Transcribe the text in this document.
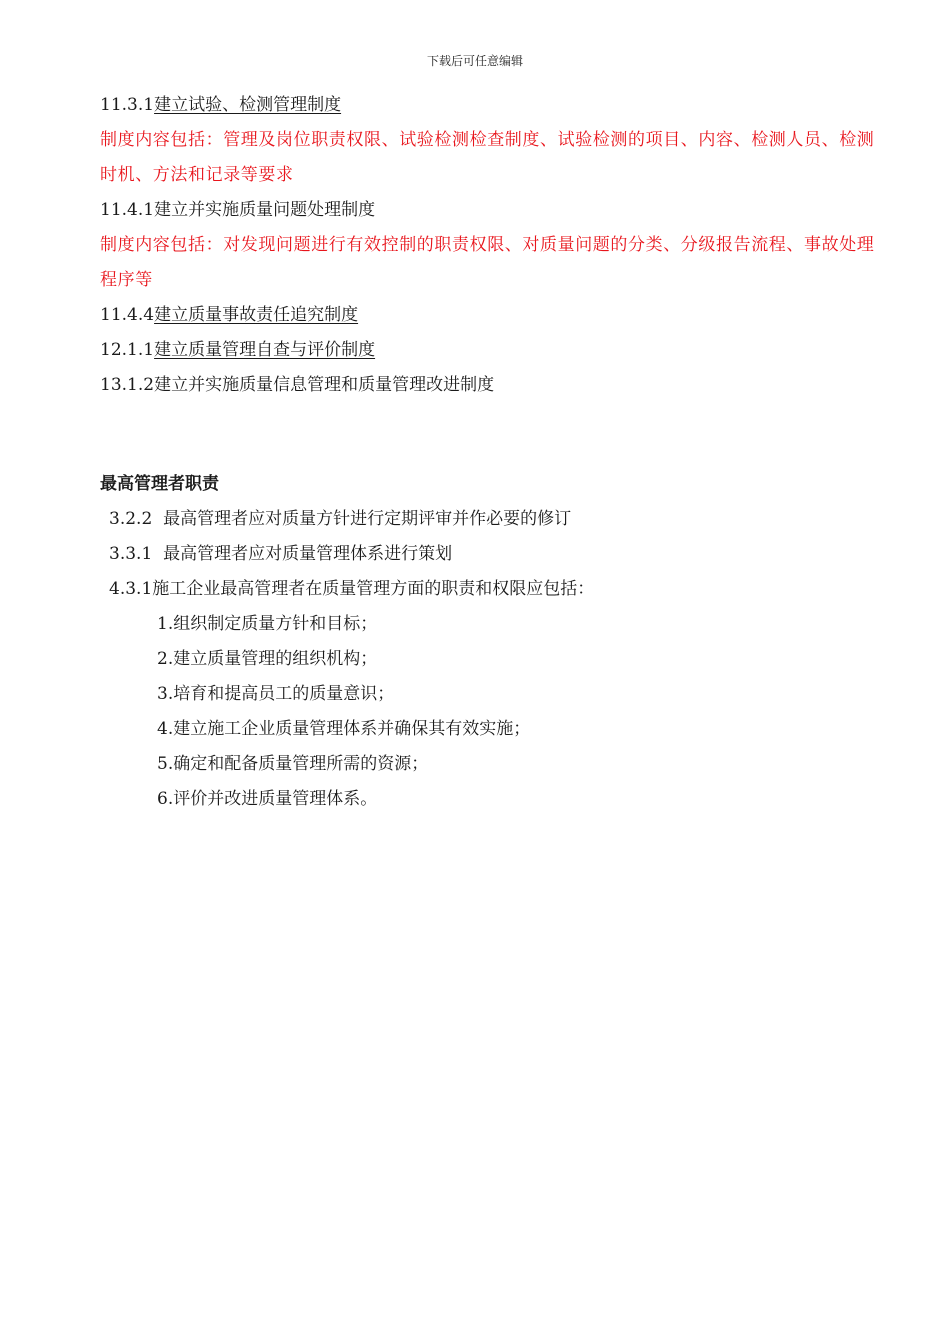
下载后可任意编辑
11.3.1建立试验、检测管理制度
制度内容包括：管理及岗位职责权限、试验检测检查制度、试验检测的项目、内容、检测人员、检测时机、方法和记录等要求
11.4.1建立并实施质量问题处理制度
制度内容包括：对发现问题进行有效控制的职责权限、对质量问题的分类、分级报告流程、事故处理程序等
11.4.4建立质量事故责任追究制度
12.1.1建立质量管理自查与评价制度
13.1.2建立并实施质量信息管理和质量管理改进制度
最高管理者职责
3.2.2 最高管理者应对质量方针进行定期评审并作必要的修订
3.3.1 最高管理者应对质量管理体系进行策划
4.3.1施工企业最高管理者在质量管理方面的职责和权限应包括：
1.组织制定质量方针和目标；
2.建立质量管理的组织机构；
3.培育和提高员工的质量意识；
4.建立施工企业质量管理体系并确保其有效实施；
5.确定和配备质量管理所需的资源；
6.评价并改进质量管理体系。
